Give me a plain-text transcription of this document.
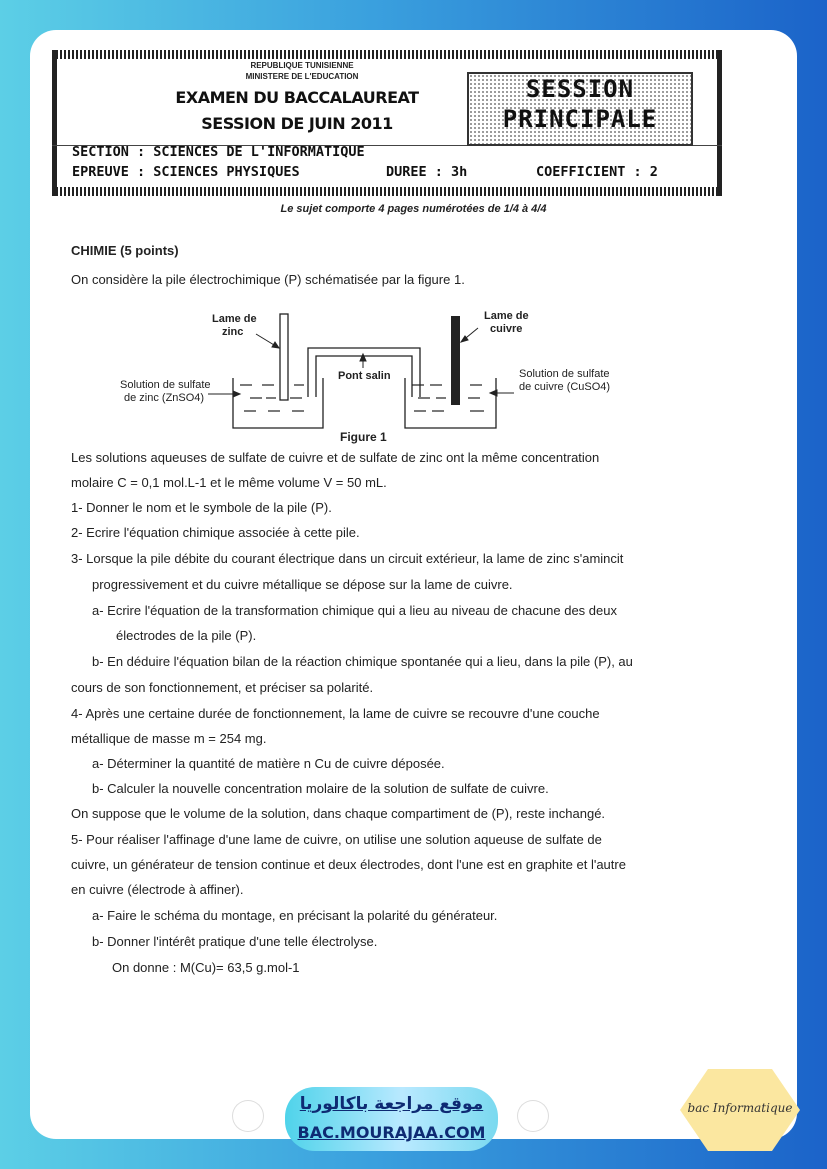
REPUBLIQUE TUNISIENNE
MINISTERE DE L'EDUCATION
EXAMEN DU BACCALAUREAT
SESSION DE JUIN 2011
SESSION
PRINCIPALE
SECTION : SCIENCES DE L'INFORMATIQUE
EPREUVE : SCIENCES PHYSIQUES	DUREE : 3h	COEFFICIENT : 2
Le sujet comporte 4 pages numérotées de 1/4 à 4/4
CHIMIE (5 points)
On considère la pile électrochimique (P) schématisée par la figure 1.
Lame de
zinc
Lame de
cuivre
Pont salin
Solution de sulfate
de zinc (ZnSO4)
Solution de sulfate
de cuivre (CuSO4)
Figure 1
Les solutions aqueuses de sulfate de cuivre et de sulfate de zinc ont la même concentration
molaire C = 0,1 mol.L-1 et le même volume V = 50 mL.
1- Donner le nom et le symbole de la pile (P).
2- Ecrire l'équation chimique associée à cette pile.
3- Lorsque la pile débite du courant électrique dans un circuit extérieur, la lame de zinc s'amincit
progressivement et du cuivre métallique se dépose sur la lame de cuivre.
a- Ecrire l'équation de la transformation chimique qui a lieu au niveau de chacune des deux
électrodes de la pile (P).
b- En déduire l'équation bilan de la réaction chimique spontanée qui a lieu, dans la pile (P), au
cours de son fonctionnement, et préciser sa polarité.
4- Après une certaine durée de fonctionnement, la lame de cuivre se recouvre d'une couche
métallique de masse m = 254 mg.
a- Déterminer la quantité de matière n Cu de cuivre déposée.
b- Calculer la nouvelle concentration molaire de la solution de sulfate de cuivre.
On suppose que le volume de la solution, dans chaque compartiment de (P), reste inchangé.
5- Pour réaliser l'affinage d'une lame de cuivre, on utilise une solution aqueuse de sulfate de
cuivre, un générateur de tension continue et deux électrodes, dont l'une est en graphite et l'autre
en cuivre (électrode à affiner).
a- Faire le schéma du montage, en précisant la polarité du générateur.
b- Donner l'intérêt pratique d'une telle électrolyse.
On donne : M(Cu)= 63,5 g.mol-1
موقع مراجعة باكالوريا
BAC.MOURAJAA.COM
bac Informatique
